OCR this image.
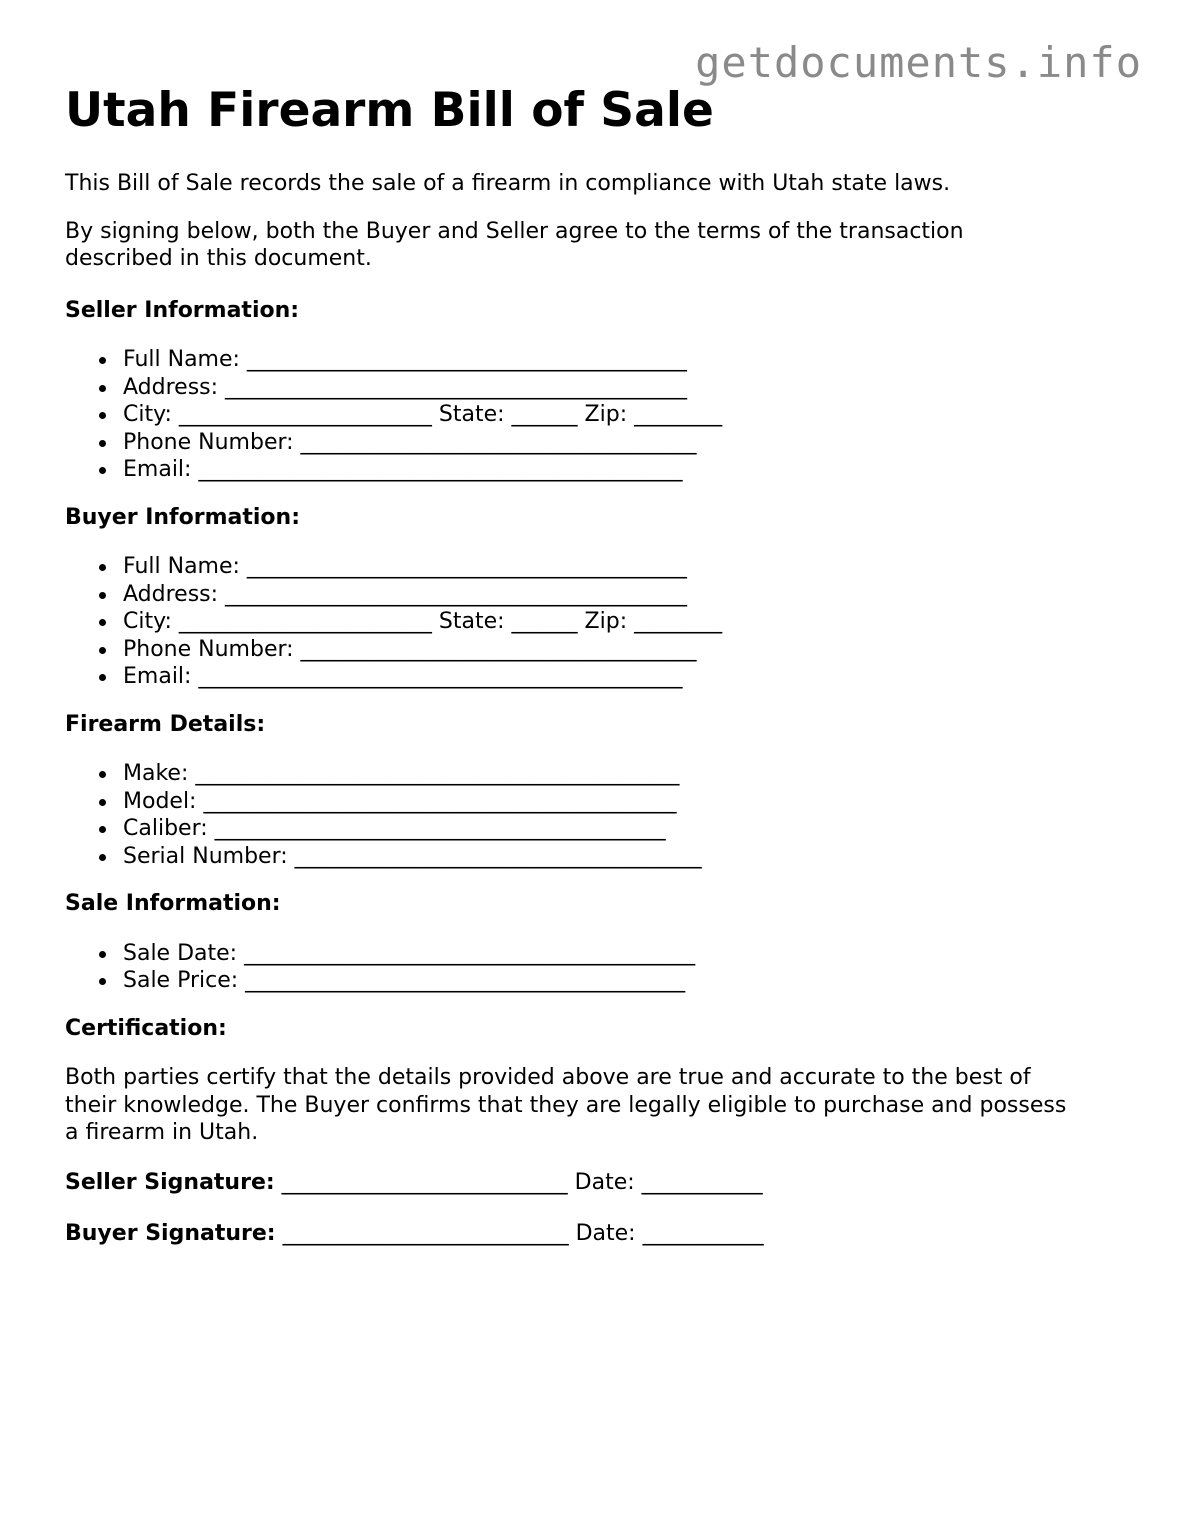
getdocuments.info
Utah Firearm Bill of Sale

This Bill of Sale records the sale of a firearm in compliance with Utah state laws.

By signing below, both the Buyer and Seller agree to the terms of the transaction
described in this document.

Seller Information:
Full Name: ________________________________________
Address: __________________________________________
City: _______________________ State: ______ Zip: ________
Phone Number: ____________________________________
Email: ____________________________________________
Buyer Information:
Full Name: ________________________________________
Address: __________________________________________
City: _______________________ State: ______ Zip: ________
Phone Number: ____________________________________
Email: ____________________________________________
Firearm Details:
Make: ____________________________________________
Model: ___________________________________________
Caliber: _________________________________________
Serial Number: _____________________________________
Sale Information:
Sale Date: _________________________________________
Sale Price: ________________________________________
Certification:

Both parties certify that the details provided above are true and accurate to the best of
their knowledge. The Buyer confirms that they are legally eligible to purchase and possess
a firearm in Utah.

Seller Signature: __________________________ Date: ___________
Buyer Signature: __________________________ Date: ___________
